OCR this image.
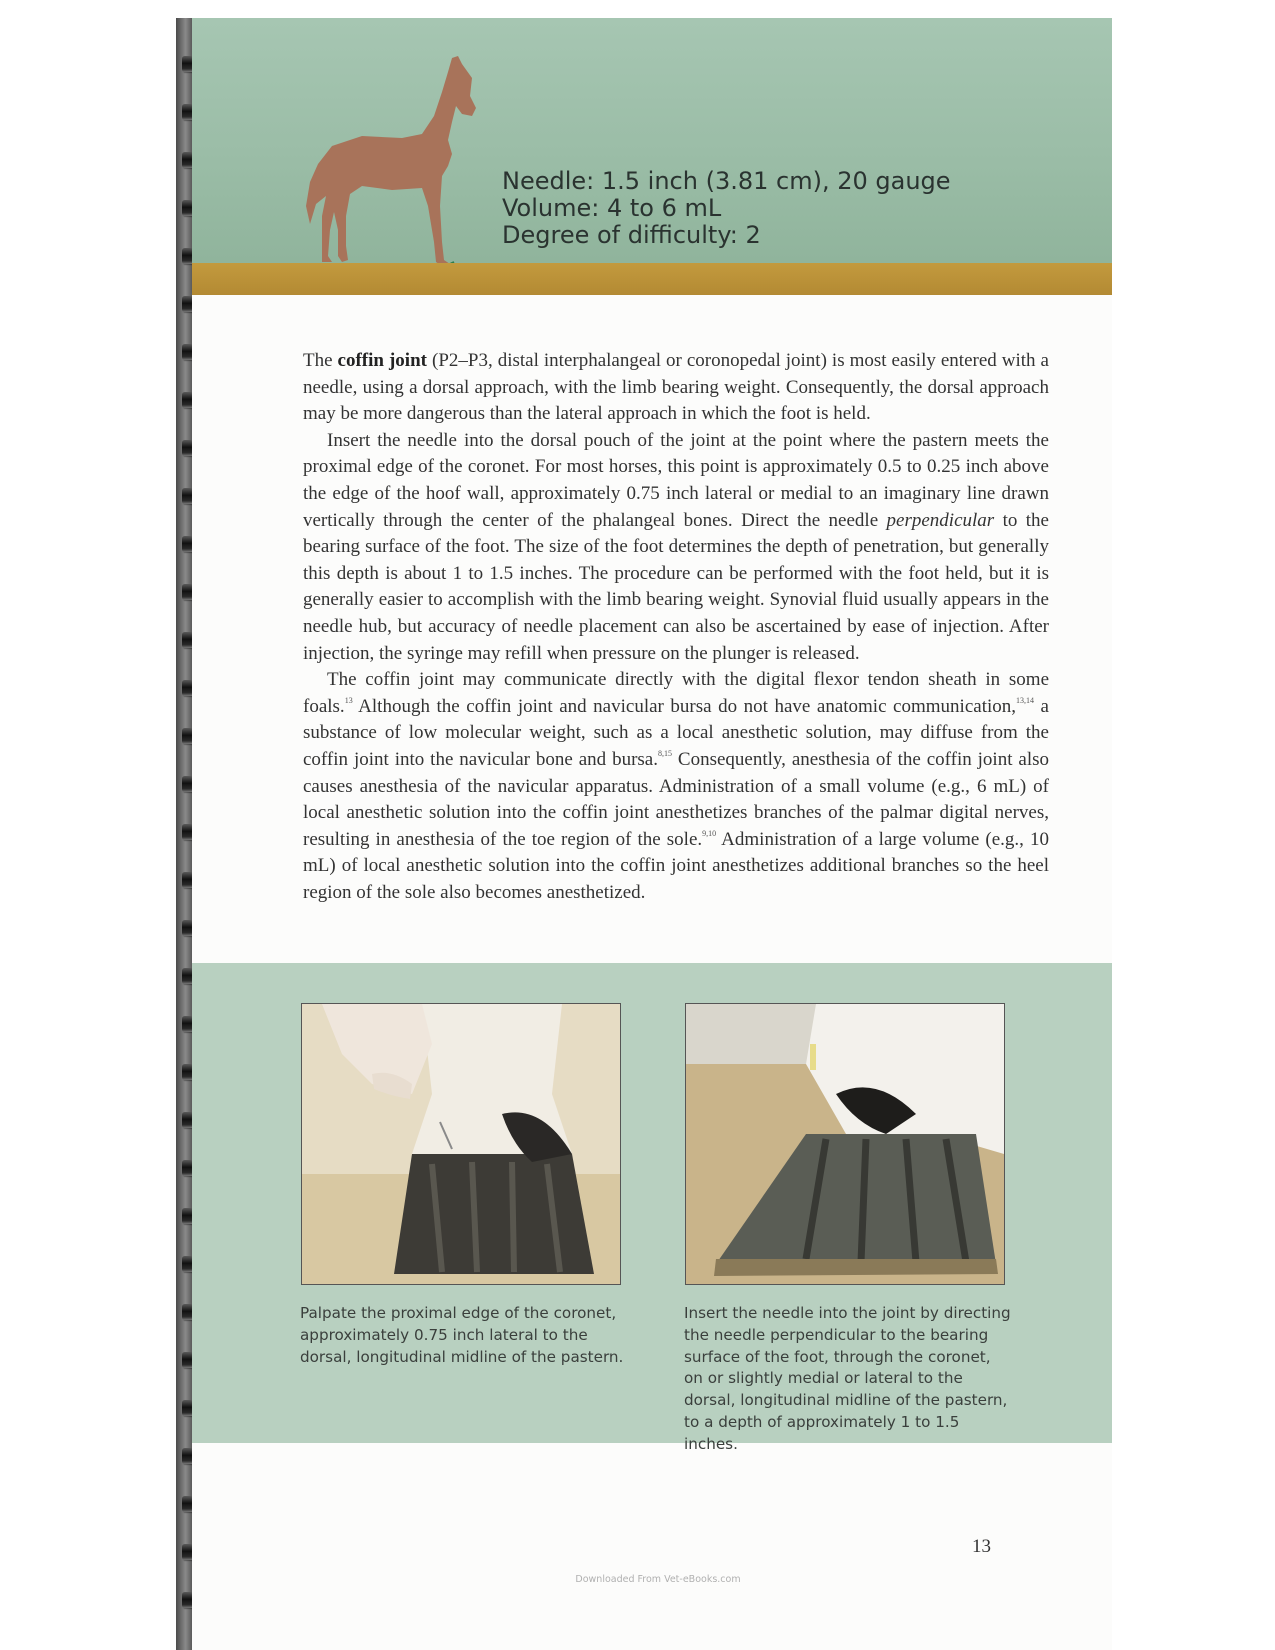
Needle: 1.5 inch (3.81 cm), 20 gauge
Volume: 4 to 6 mL
Degree of difficulty: 2

The coffin joint (P2–P3, distal interphalangeal or coronopedal joint) is most easily entered with a needle, using a dorsal approach, with the limb bearing weight. Consequently, the dorsal approach may be more dangerous than the lateral approach in which the foot is held.

Insert the needle into the dorsal pouch of the joint at the point where the pastern meets the proximal edge of the coronet. For most horses, this point is approximately 0.5 to 0.25 inch above the edge of the hoof wall, approximately 0.75 inch lateral or medial to an imaginary line drawn vertically through the center of the phalangeal bones. Direct the needle perpendicular to the bearing surface of the foot. The size of the foot determines the depth of penetration, but generally this depth is about 1 to 1.5 inches. The procedure can be performed with the foot held, but it is generally easier to accomplish with the limb bearing weight. Synovial fluid usually appears in the needle hub, but accuracy of needle placement can also be ascertained by ease of injection. After injection, the syringe may refill when pressure on the plunger is released.

The coffin joint may communicate directly with the digital flexor tendon sheath in some foals.$^{13}$ Although the coffin joint and navicular bursa do not have anatomic communication,$^{13,14}$ a substance of low molecular weight, such as a local anesthetic solution, may diffuse from the coffin joint into the navicular bone and bursa.$^{8,15}$ Consequently, anesthesia of the coffin joint also causes anesthesia of the navicular apparatus. Administration of a small volume (e.g., 6 mL) of local anesthetic solution into the coffin joint anesthetizes branches of the palmar digital nerves, resulting in anesthesia of the toe region of the sole.$^{9,10}$ Administration of a large volume (e.g., 10 mL) of local anesthetic solution into the coffin joint anesthetizes additional branches so the heel region of the sole also becomes anesthetized.

Palpate the proximal edge of the coronet, approximately 0.75 inch lateral to the dorsal, longitudinal midline of the pastern.
Insert the needle into the joint by directing the needle perpendicular to the bearing surface of the foot, through the coronet, on or slightly medial or lateral to the dorsal, longitudinal midline of the pastern, to a depth of approximately 1 to 1.5 inches.
13
Downloaded From Vet-eBooks.com
